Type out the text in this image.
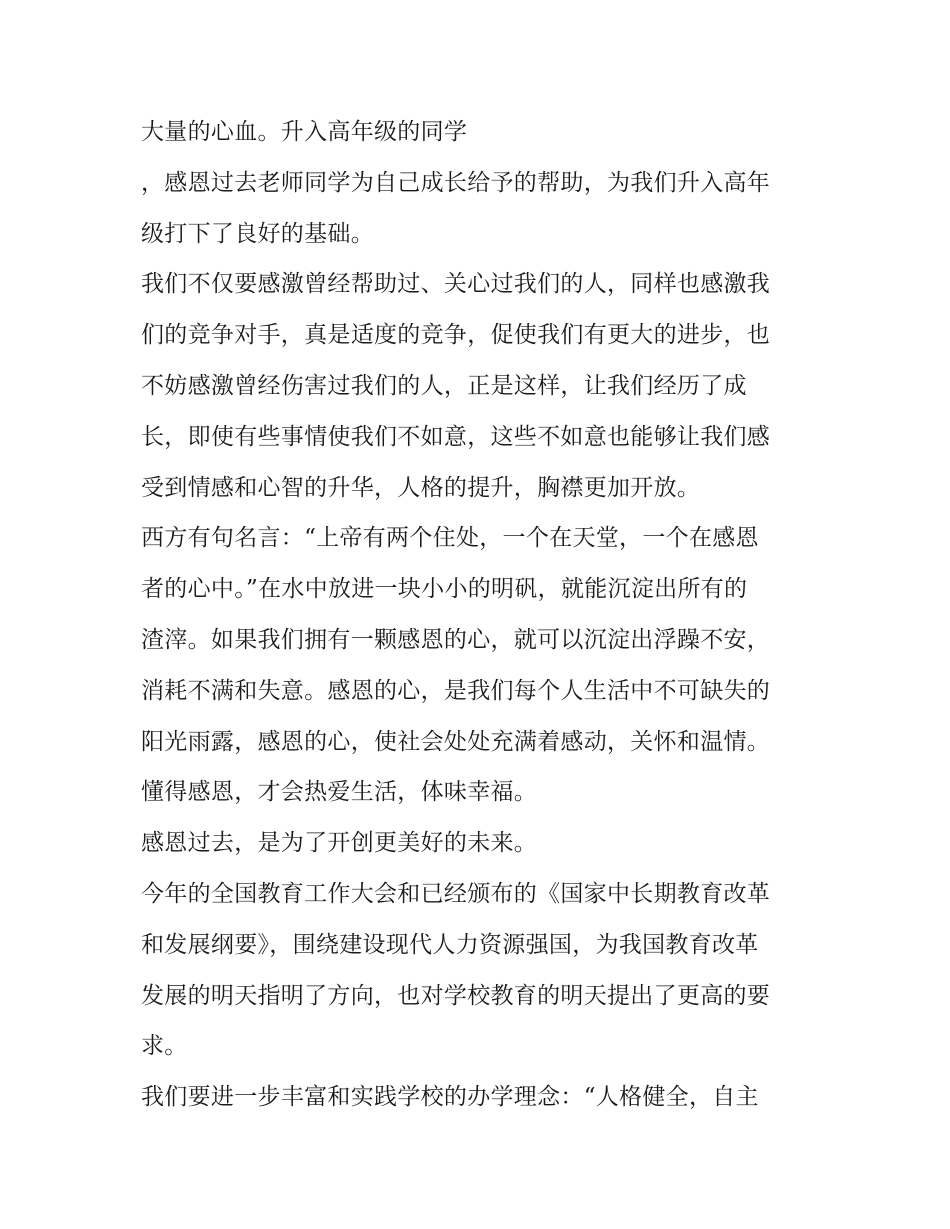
大量的心血。升入高年级的同学
，感恩过去老师同学为自己成长给予的帮助，为我们升入高年
级打下了良好的基础。
我们不仅要感激曾经帮助过、关心过我们的人，同样也感激我
们的竞争对手，真是适度的竞争，促使我们有更大的进步，也
不妨感激曾经伤害过我们的人，正是这样，让我们经历了成
长，即使有些事情使我们不如意，这些不如意也能够让我们感
受到情感和心智的升华，人格的提升，胸襟更加开放。
西方有句名言：“上帝有两个住处，一个在天堂，一个在感恩
者的心中。”在水中放进一块小小的明矾，就能沉淀出所有的
渣滓。如果我们拥有一颗感恩的心，就可以沉淀出浮躁不安，
消耗不满和失意。感恩的心，是我们每个人生活中不可缺失的
阳光雨露，感恩的心，使社会处处充满着感动，关怀和温情。
懂得感恩，才会热爱生活，体味幸福。
感恩过去，是为了开创更美好的未来。
今年的全国教育工作大会和已经颁布的《国家中长期教育改革
和发展纲要》，围绕建设现代人力资源强国，为我国教育改革
发展的明天指明了方向，也对学校教育的明天提出了更高的要
求。
我们要进一步丰富和实践学校的办学理念：“人格健全，自主
